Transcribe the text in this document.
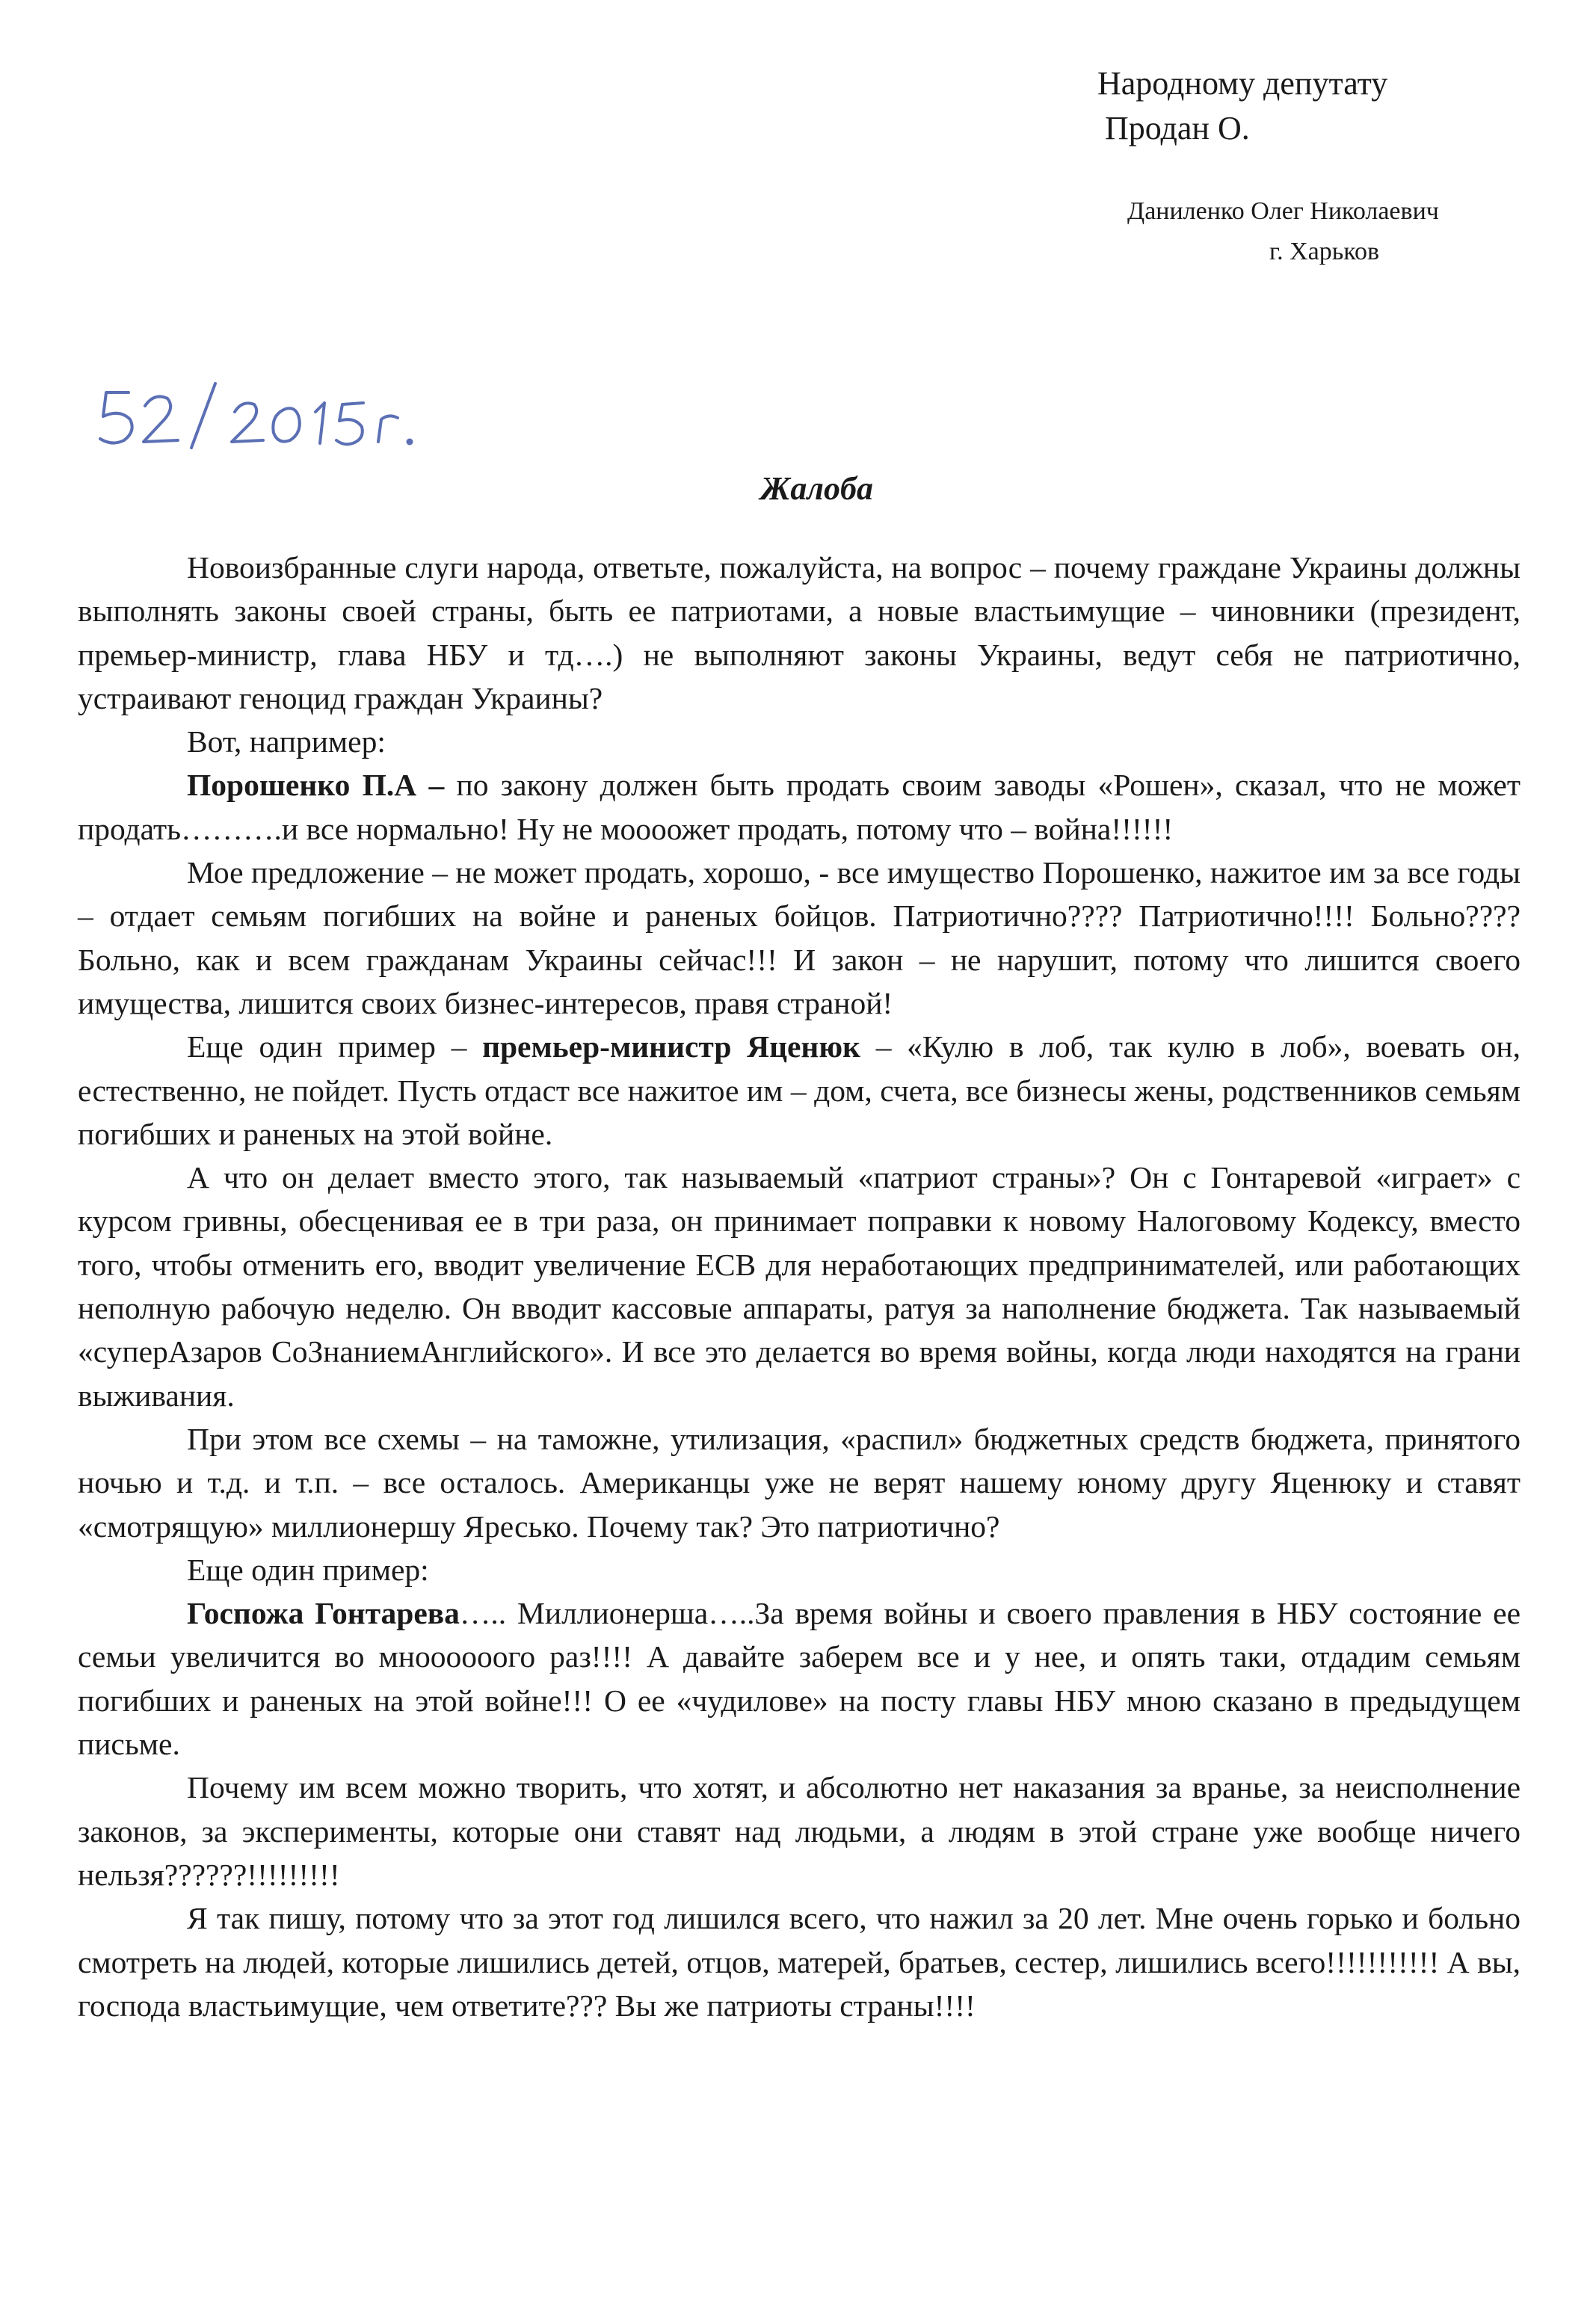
Народному депутату
Продан О.
Даниленко Олег Николаевич
г. Харьков
Жалоба

Новоизбранные слуги народа, ответьте, пожалуйста, на вопрос – почему граждане Украины должны выполнять законы своей страны, быть ее патриотами, а новые властьимущие – чиновники (президент, премьер-министр, глава НБУ и тд….) не выполняют законы Украины, ведут себя не патриотично, устраивают геноцид граждан Украины?

Вот, например:

Порошенко П.А – по закону должен быть продать своим заводы «Рошен», сказал, что не может продать……….и все нормально! Ну не моооожет продать, потому что – война!!!!!!

Мое предложение – не может продать, хорошо, - все имущество Порошенко, нажитое им за все годы – отдает семьям погибших на войне и раненых бойцов. Патриотично???? Патриотично!!!! Больно???? Больно, как и всем гражданам Украины сейчас!!! И закон – не нарушит, потому что лишится своего имущества, лишится своих бизнес-интересов, правя страной!

Еще один пример – премьер-министр Яценюк – «Кулю в лоб, так кулю в лоб», воевать он, естественно, не пойдет. Пусть отдаст все нажитое им – дом, счета, все бизнесы жены, родственников семьям погибших и раненых на этой войне.

А что он делает вместо этого, так называемый «патриот страны»? Он с Гонтаревой «играет» с курсом гривны, обесценивая ее в три раза, он принимает поправки к новому Налоговому Кодексу, вместо того, чтобы отменить его, вводит увеличение ЕСВ для неработающих предпринимателей, или работающих неполную рабочую неделю. Он вводит кассовые аппараты, ратуя за наполнение бюджета. Так называемый «суперАзаров СоЗнаниемАнглийского». И все это делается во время войны, когда люди находятся на грани выживания.

При этом все схемы – на таможне, утилизация, «распил» бюджетных средств бюджета, принятого ночью и т.д. и т.п. – все осталось. Американцы уже не верят нашему юному другу Яценюку и ставят «смотрящую» миллионершу Яресько. Почему так? Это патриотично?

Еще один пример:

Госпожа Гонтарева….. Миллионерша…..За время войны и своего правления в НБУ состояние ее семьи увеличится во мноооооого раз!!!! А давайте заберем все и у нее, и опять таки, отдадим семьям погибших и раненых на этой войне!!! О ее «чудилове» на посту главы НБУ мною сказано в предыдущем письме.

Почему им всем можно творить, что хотят, и абсолютно нет наказания за вранье, за неисполнение законов, за эксперименты, которые они ставят над людьми, а людям в этой стране уже вообще ничего нельзя??????!!!!!!!!!

Я так пишу, потому что за этот год лишился всего, что нажил за 20 лет. Мне очень горько и больно смотреть на людей, которые лишились детей, отцов, матерей, братьев, сестер, лишились всего!!!!!!!!!!! А вы, господа властьимущие, чем ответите??? Вы же патриоты страны!!!!
